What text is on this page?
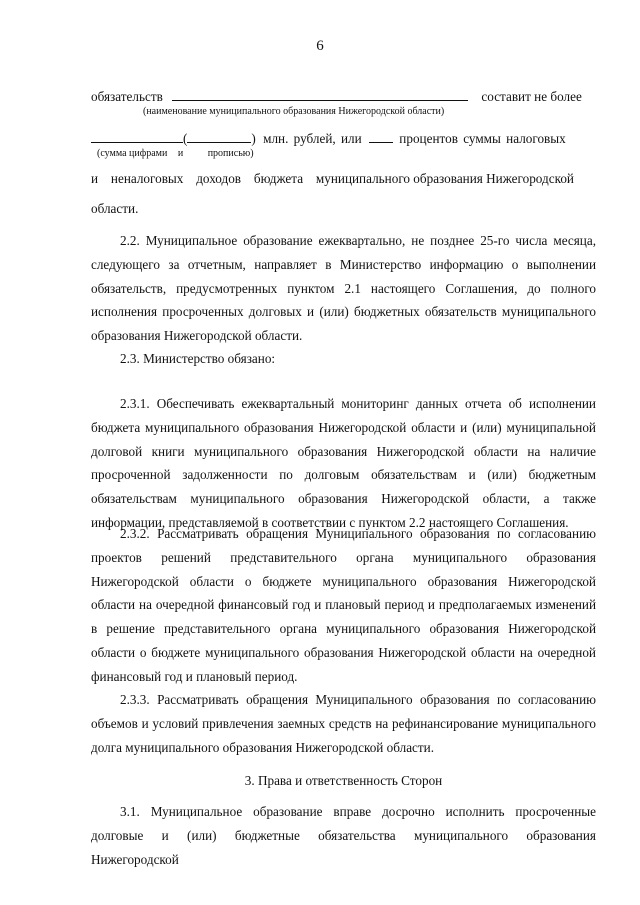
6
обязательств	составит не более
(наименование муниципального образования Нижегородской области)
(	) млн. рублей, или	процентов суммы налоговых
(сумма цифрами и прописью)
и неналоговых доходов бюджета муниципального образования Нижегородской
области.
2.2. Муниципальное образование ежеквартально, не позднее 25-го числа месяца, следующего за отчетным, направляет в Министерство информацию о выполнении обязательств, предусмотренных пунктом 2.1 настоящего Соглашения, до полного исполнения просроченных долговых и (или) бюджетных обязательств муниципального образования Нижегородской области.
2.3. Министерство обязано:
2.3.1. Обеспечивать ежеквартальный мониторинг данных отчета об исполнении бюджета муниципального образования Нижегородской области и (или) муниципальной долговой книги муниципального образования Нижегородской области на наличие просроченной задолженности по долговым обязательствам и (или) бюджетным обязательствам муниципального образования Нижегородской области, а также информации, представляемой в соответствии с пунктом 2.2 настоящего Соглашения.
2.3.2. Рассматривать обращения Муниципального образования по согласованию проектов решений представительного органа муниципального образования Нижегородской области о бюджете муниципального образования Нижегородской области на очередной финансовый год и плановый период и предполагаемых изменений в решение представительного органа муниципального образования Нижегородской области о бюджете муниципального образования Нижегородской области на очередной финансовый год и плановый период.
2.3.3. Рассматривать обращения Муниципального образования по согласованию объемов и условий привлечения заемных средств на рефинансирование муниципального долга муниципального образования Нижегородской области.
3. Права и ответственность Сторон
3.1. Муниципальное образование вправе досрочно исполнить просроченные долговые и (или) бюджетные обязательства муниципального образования Нижегородской
